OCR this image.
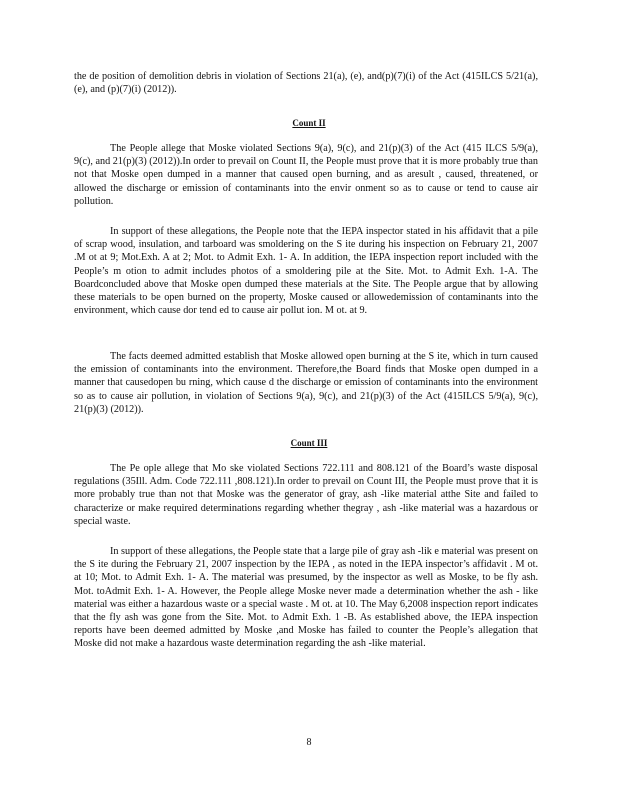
the de position of demolition debris in violation of Sections 21(a), (e), and(p)(7)(i) of the Act (415ILCS 5/21(a), (e), and (p)(7)(i) (2012)).

Count II

The People allege that Moske violated Sections 9(a), 9(c), and 21(p)(3) of the Act (415 ILCS 5/9(a), 9(c), and 21(p)(3) (2012)).In order to prevail on Count II, the People must prove that it is more probably true than not that Moske open dumped in a manner that caused open burning, and as aresult , caused, threatened, or allowed the discharge or emission of contaminants into the envir onment so as to cause or tend to cause air pollution.

In support of these allegations, the People note that the IEPA inspector stated in his affidavit that a pile of scrap wood, insulation, and tarboard was smoldering on the S ite during his inspection on February 21, 2007 .M ot at 9; Mot.Exh. A at 2; Mot. to Admit Exh. 1- A. In addition, the IEPA inspection report included with the People’s m otion to admit includes photos of a smoldering pile at the Site. Mot. to Admit Exh. 1-A. The Boardconcluded above that Moske open dumped these materials at the Site. The People argue that by allowing these materials to be open burned on the property, Moske caused or allowedemission of contaminants into the environment, which cause dor tend ed to cause air pollut ion. M ot. at 9.

The facts deemed admitted establish that Moske allowed open burning at the S ite, which in turn caused the emission of contaminants into the environment. Therefore,the Board finds that Moske open dumped in a manner that causedopen bu rning, which cause d the discharge or emission of contaminants into the environment so as to cause air pollution, in violation of Sections 9(a), 9(c), and 21(p)(3) of the Act (415ILCS 5/9(a), 9(c), 21(p)(3) (2012)).

Count III

The Pe ople allege that Mo ske violated Sections 722.111 and 808.121 of the Board’s waste disposal regulations (35Ill. Adm. Code 722.111 ,808.121).In order to prevail on Count III, the People must prove that it is more probably true than not that Moske was the generator of gray, ash -like material atthe Site and failed to characterize or make required determinations regarding whether thegray , ash -like material was a hazardous or special waste.

In support of these allegations, the People state that a large pile of gray ash -lik e material was present on the S ite during the February 21, 2007 inspection by the IEPA , as noted in the IEPA inspector’s affidavit . M ot. at 10; Mot. to Admit Exh. 1- A. The material was presumed, by the inspector as well as Moske, to be fly ash. Mot. toAdmit Exh. 1- A. However, the People allege Moske never made a determination whether the ash - like material was either a hazardous waste or a special waste . M ot. at 10. The May 6,2008 inspection report indicates that the fly ash was gone from the Site. Mot. to Admit Exh. 1 -B. As established above, the IEPA inspection reports have been deemed admitted by Moske ,and Moske has failed to counter the People’s allegation that Moske did not make a hazardous waste determination regarding the ash -like material.

8
